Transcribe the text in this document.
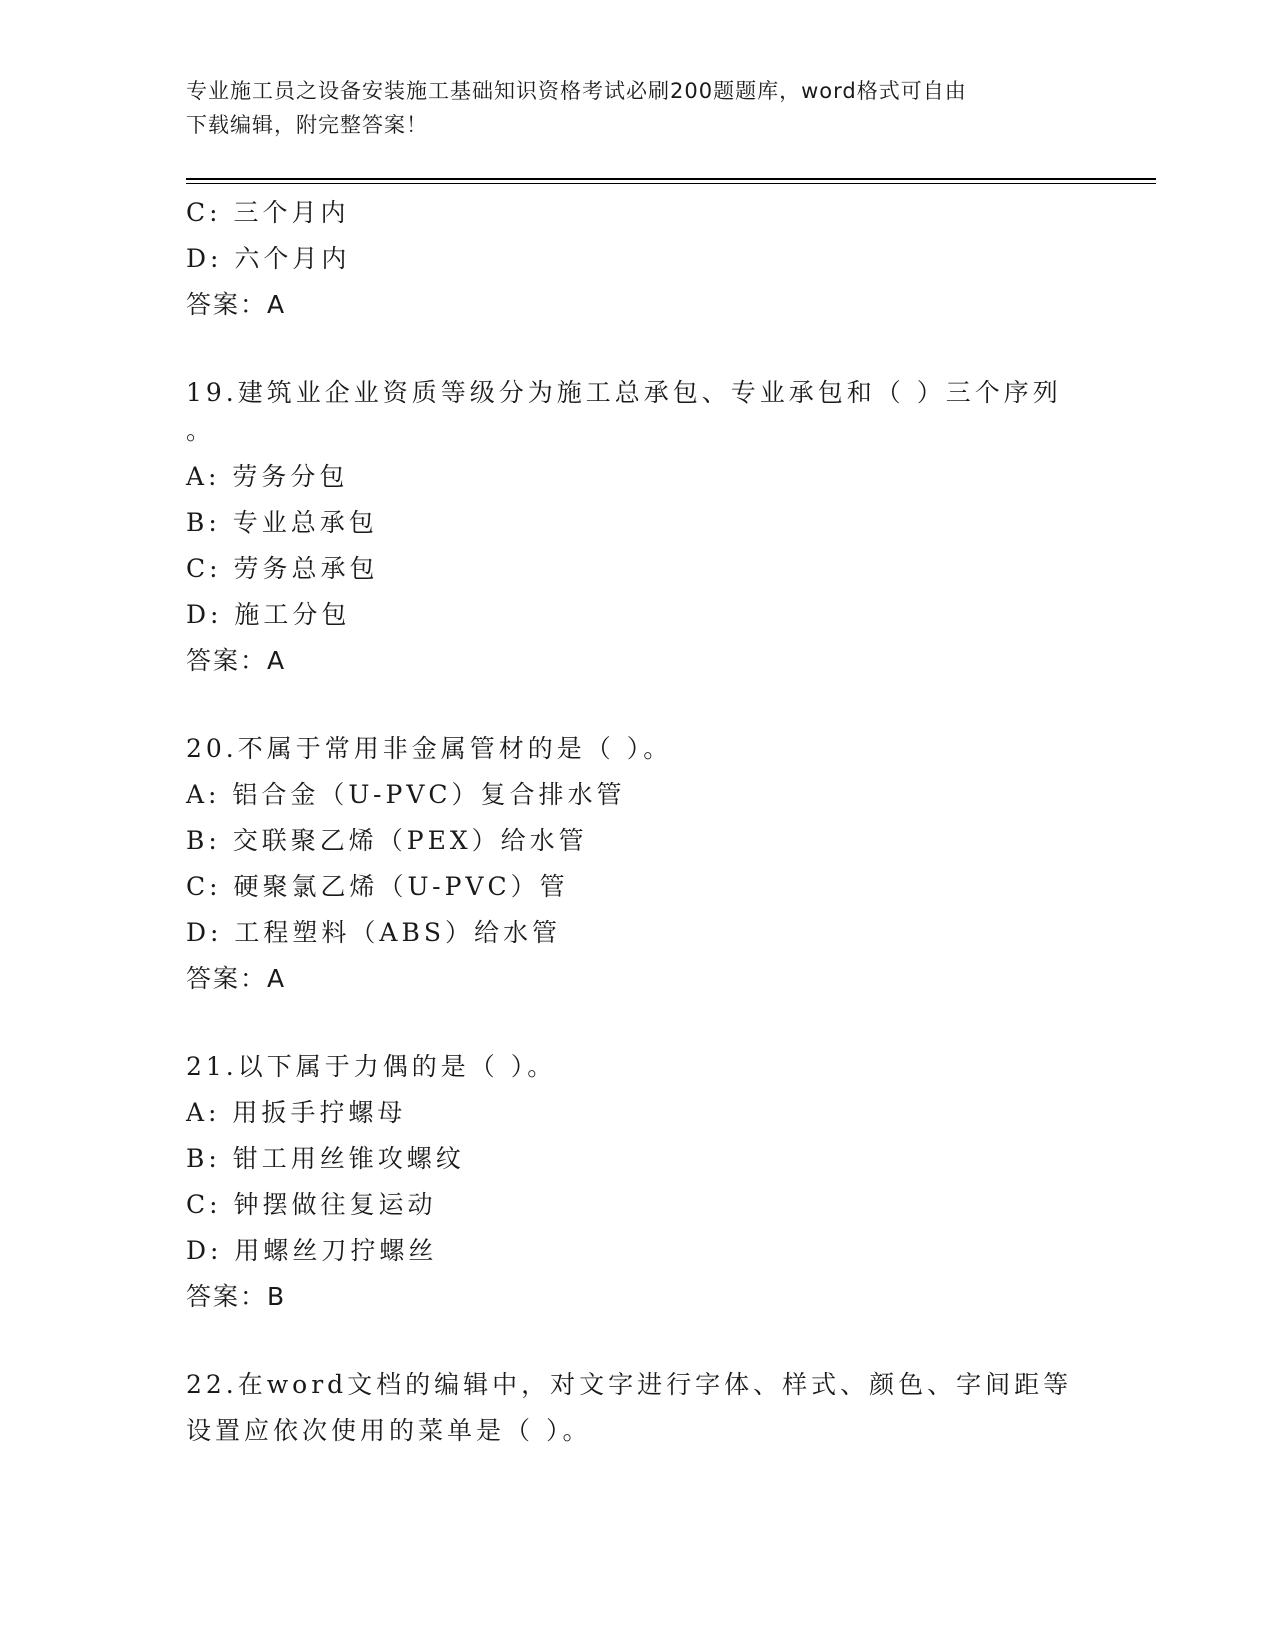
专业施工员之设备安装施工基础知识资格考试必刷200题题库，word格式可自由
下载编辑，附完整答案！
C: 三个月内
D: 六个月内
答案：A
19.建筑业企业资质等级分为施工总承包、专业承包和（ ）三个序列
。
A: 劳务分包
B: 专业总承包
C: 劳务总承包
D: 施工分包
答案：A
20.不属于常用非金属管材的是（ ）。
A: 铝合金（U-PVC）复合排水管
B: 交联聚乙烯（PEX）给水管
C: 硬聚氯乙烯（U-PVC）管
D: 工程塑料（ABS）给水管
答案：A
21.以下属于力偶的是（ ）。
A: 用扳手拧螺母
B: 钳工用丝锥攻螺纹
C: 钟摆做往复运动
D: 用螺丝刀拧螺丝
答案：B
22.在word文档的编辑中，对文字进行字体、样式、颜色、字间距等
设置应依次使用的菜单是（ ）。
